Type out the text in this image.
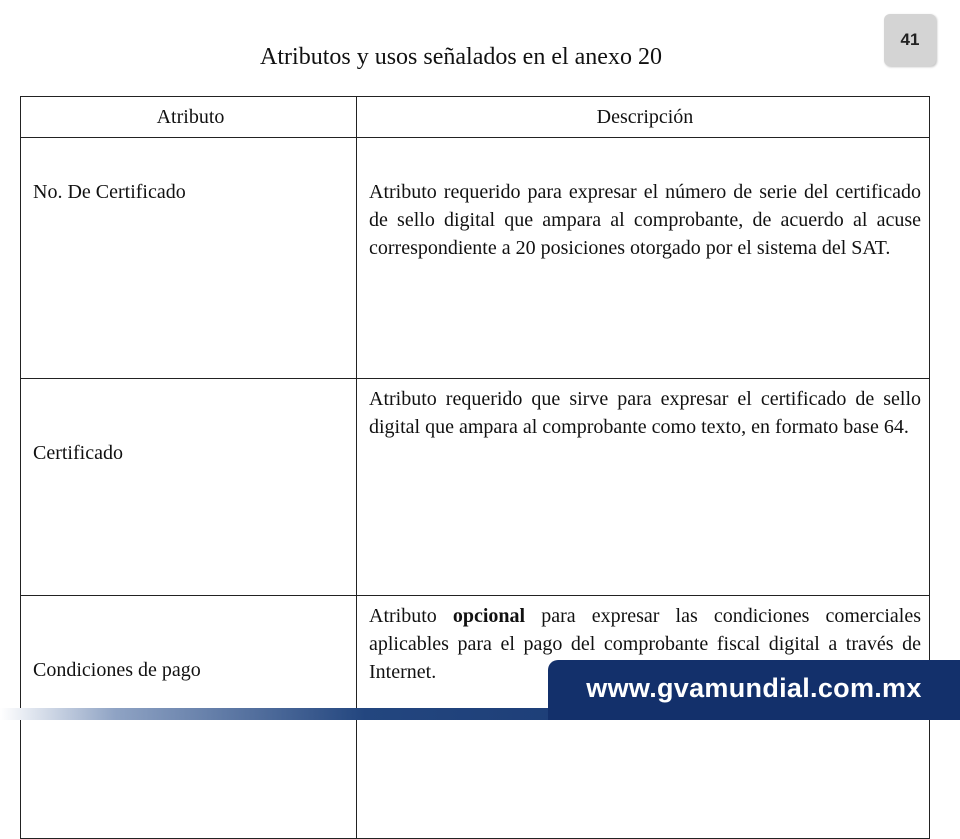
41
Atributos y usos señalados en el anexo 20
Atributo	Descripción
No. De Certificado	Atributo requerido para expresar el número de serie del certificado de sello digital que ampara al comprobante, de acuerdo al acuse correspondiente a 20 posiciones otorgado por el sistema del SAT.
Certificado	Atributo requerido que sirve para expresar el certificado de sello digital que ampara al comprobante como texto, en formato base 64.
Condiciones de pago	Atributo opcional para expresar las condiciones comerciales aplicables para el pago del comprobante fiscal digital a través de Internet.
www.gvamundial.com.mx
